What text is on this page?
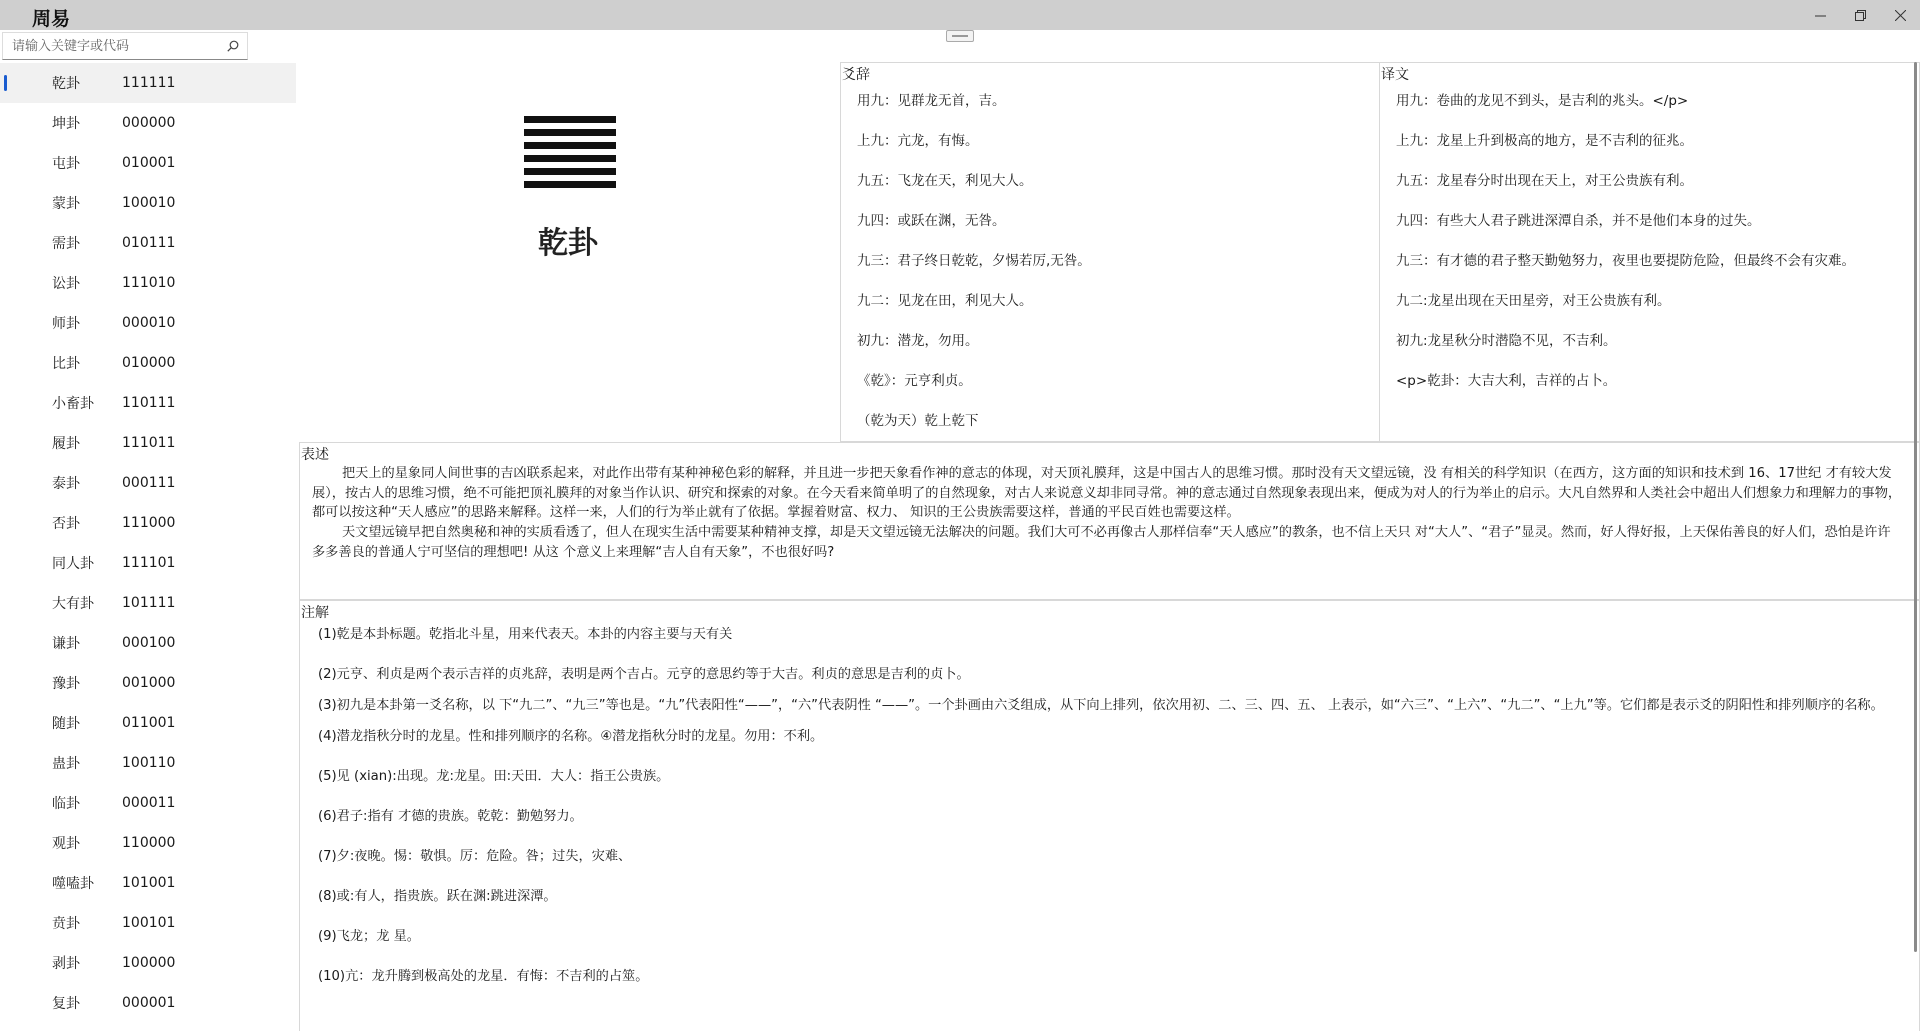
周易
请输入关键字或代码
乾卦	111111
坤卦	000000
屯卦	010001
蒙卦	100010
需卦	010111
讼卦	111010
师卦	000010
比卦	010000
小畜卦 110111
履卦	111011
泰卦	000111
否卦	111000
同人卦 111101
大有卦 101111
谦卦	000100
豫卦	001000
随卦	011001
蛊卦	100110
临卦	000011
观卦	110000
噬嗑卦 101001
贲卦	100101
剥卦	100000
复卦	000001
乾卦
爻辞
用九：见群龙无首，吉。
上九：亢龙，有悔。
九五：飞龙在天，利见大人。
九四：或跃在渊，无咎。
九三：君子终日乾乾，夕惕若厉,无咎。
九二：见龙在田，利见大人。
初九：潜龙，勿用。
《乾》：元亨利贞。
（乾为天）乾上乾下
译文
用九：卷曲的龙见不到头，是吉利的兆头。</p>
上九：龙星上升到极高的地方，是不吉利的征兆。
九五：龙星春分时出现在天上，对王公贵族有利。
九四：有些大人君子跳进深潭自杀，并不是他们本身的过失。
九三：有才德的君子整天勤勉努力，夜里也要提防危险，但最终不会有灾难。
九二:龙星出现在天田星旁，对王公贵族有利。
初九:龙星秋分时潜隐不见，不吉利。
<p>乾卦：大吉大利，吉祥的占卜。
表述
把天上的星象同人间世事的吉凶联系起来，对此作出带有某种神秘色彩的解释，并且进一步把天象看作神的意志的体现，对天顶礼膜拜，这是中国古人的思维习惯。那时没有天文望远镜，没 有相关的科学知识（在西方，这方面的知识和技术到 16、17世纪 才有较大发展），按古人的思维习惯，绝不可能把顶礼膜拜的对象当作认识、研究和探索的对象。在今天看来简单明了的自然现象，对古人来说意义却非同寻常。神的意志通过自然现象表现出来，便成为对人的行为举止的启示。大凡自然界和人类社会中超出人们想象力和理解力的事物，都可以按这种“天人感应”的思路来解释。这样一来，人们的行为举止就有了依据。掌握着财富、权力、 知识的王公贵族需要这样，普通的平民百姓也需要这样。
天文望远镜早把自然奥秘和神的实质看透了，但人在现实生活中需要某种精神支撑，却是天文望远镜无法解决的问题。我们大可不必再像古人那样信奉“天人感应”的教条，也不信上天只 对“大人”、“君子”显灵。然而，好人得好报，上天保佑善良的好人们，恐怕是许许多多善良的普通人宁可坚信的理想吧! 从这 个意义上来理解“吉人自有天象”，不也很好吗?
注解
(1)乾是本卦标题。乾指北斗星，用来代表天。本卦的内容主要与天有关
(2)元亨、利贞是两个表示吉祥的贞兆辞，表明是两个吉占。元亨的意思约等于大吉。利贞的意思是吉利的贞卜。
(3)初九是本卦第一爻名称，以 下“九二”、“九三”等也是。“九”代表阳性“——”，“六”代表阴性 “——”。一个卦画由六爻组成，从下向上排列，依次用初、二、三、四、五、 上表示，如“六三”、“上六”、“九二”、“上九”等。它们都是表示爻的阴阳性和排列顺序的名称。
(4)潜龙指秋分时的龙星。性和排列顺序的名称。④潜龙指秋分时的龙星。勿用：不利。
(5)见 (xian):出现。龙:龙星。田:天田．大人：指王公贵族。
(6)君子:指有 才德的贵族。乾乾：勤勉努力。
(7)夕:夜晚。惕：敬惧。厉：危险。咎；过失，灾难、
(8)或:有人，指贵族。跃在渊:跳进深潭。
(9)飞龙；龙 星。
(10)亢：龙升腾到极高处的龙星．有悔：不吉利的占筮。
